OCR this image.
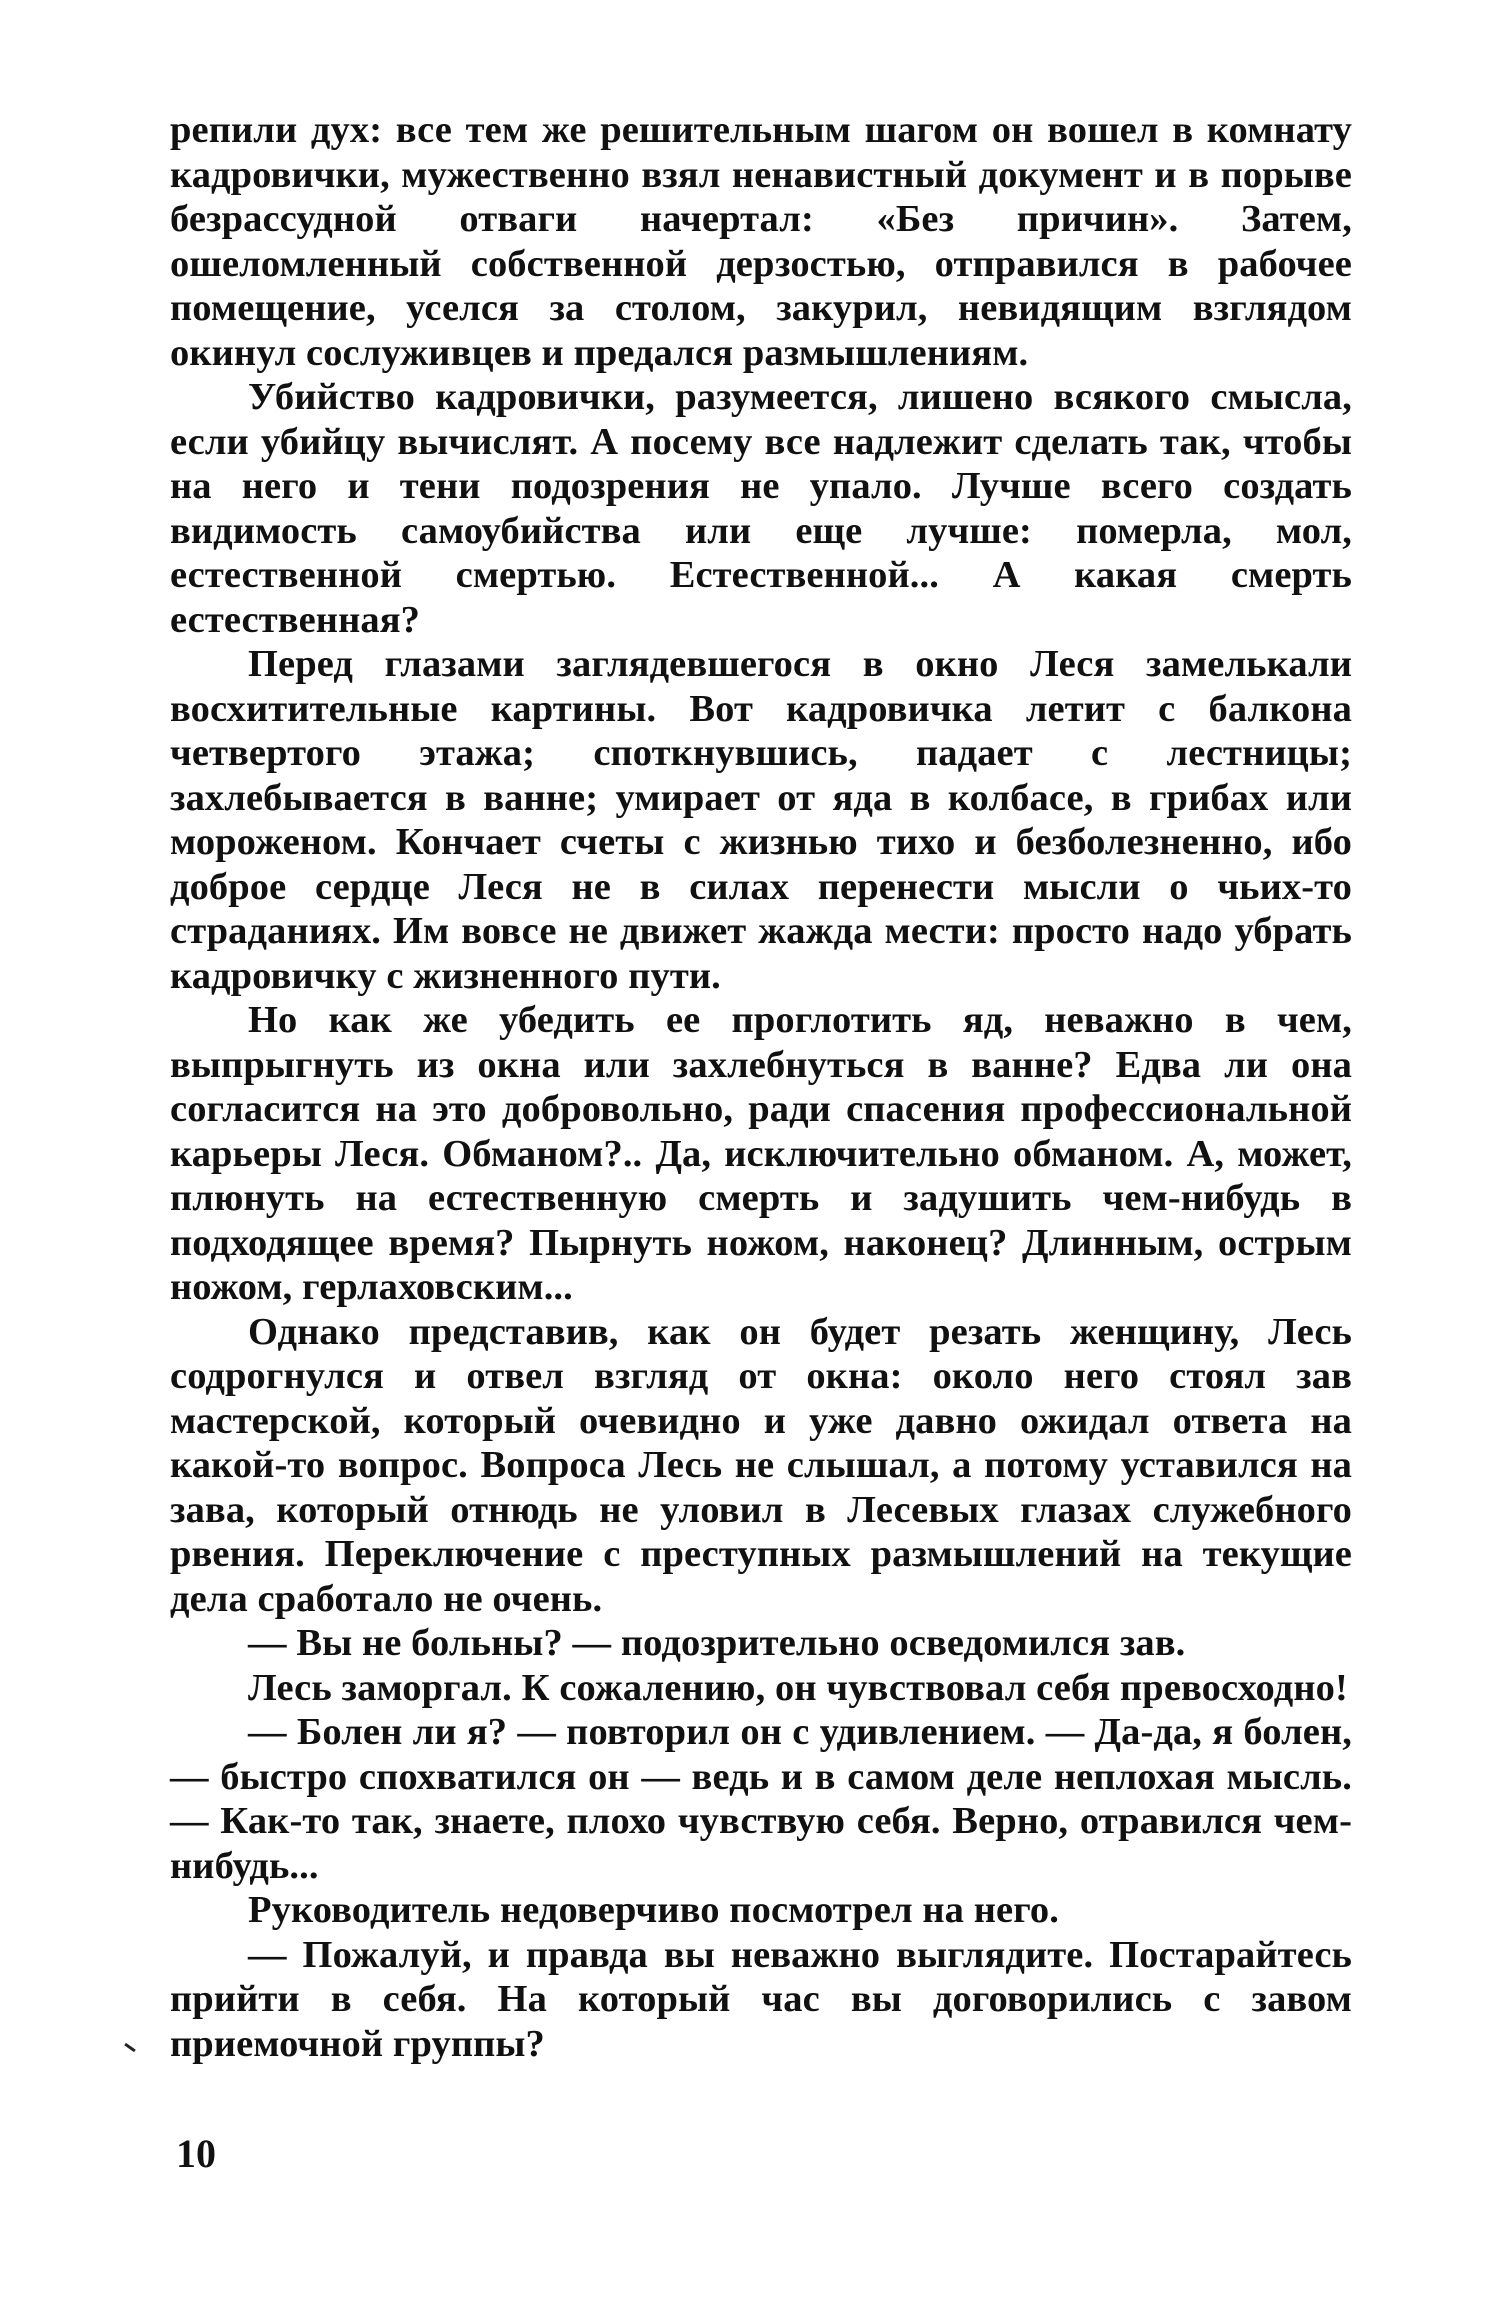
репили дух: все тем же решительным шагом он вошел в комнату кадровички, мужественно взял ненавистный документ и в порыве безрассудной отваги начертал: «Без причин». Затем, ошеломленный собственной дерзостью, отправился в рабочее помещение, уселся за столом, закурил, невидящим взглядом окинул сослуживцев и предался размышлениям.

Убийство кадровички, разумеется, лишено всякого смысла, если убийцу вычислят. А посему все надлежит сделать так, чтобы на него и тени подозрения не упало. Лучше всего создать видимость самоубийства или еще лучше: померла, мол, естественной смертью. Естественной... А какая смерть естественная?

Перед глазами заглядевшегося в окно Леся замелькали восхитительные картины. Вот кадровичка летит с балкона четвертого этажа; споткнувшись, падает с лестницы; захлебывается в ванне; умирает от яда в колбасе, в грибах или мороженом. Кончает счеты с жизнью тихо и безболезненно, ибо доброе сердце Леся не в силах перенести мысли о чьих-то страданиях. Им вовсе не движет жажда мести: просто надо убрать кадровичку с жизненного пути.

Но как же убедить ее проглотить яд, неважно в чем, выпрыгнуть из окна или захлебнуться в ванне? Едва ли она согласится на это добровольно, ради спасения профессиональной карьеры Леся. Обманом?.. Да, исключительно обманом. А, может, плюнуть на естественную смерть и задушить чем-нибудь в подходящее время? Пырнуть ножом, наконец? Длинным, острым ножом, герлаховским...

Однако представив, как он будет резать женщину, Лесь содрогнулся и отвел взгляд от окна: около него стоял зав мастерской, который очевидно и уже давно ожидал ответа на какой-то вопрос. Вопроса Лесь не слышал, а потому уставился на зава, который отнюдь не уловил в Лесевых глазах служебного рвения. Переключение с преступных размышлений на текущие дела сработало не очень.

— Вы не больны? — подозрительно осведомился зав.

Лесь заморгал. К сожалению, он чувствовал себя превосходно!

— Болен ли я? — повторил он с удивлением. — Да-да, я болен, — быстро спохватился он — ведь и в самом деле неплохая мысль. — Как-то так, знаете, плохо чувствую себя. Верно, отравился чем-нибудь...

Руководитель недоверчиво посмотрел на него.

— Пожалуй, и правда вы неважно выглядите. Постарайтесь прийти в себя. На который час вы договорились с завом приемочной группы?

10
